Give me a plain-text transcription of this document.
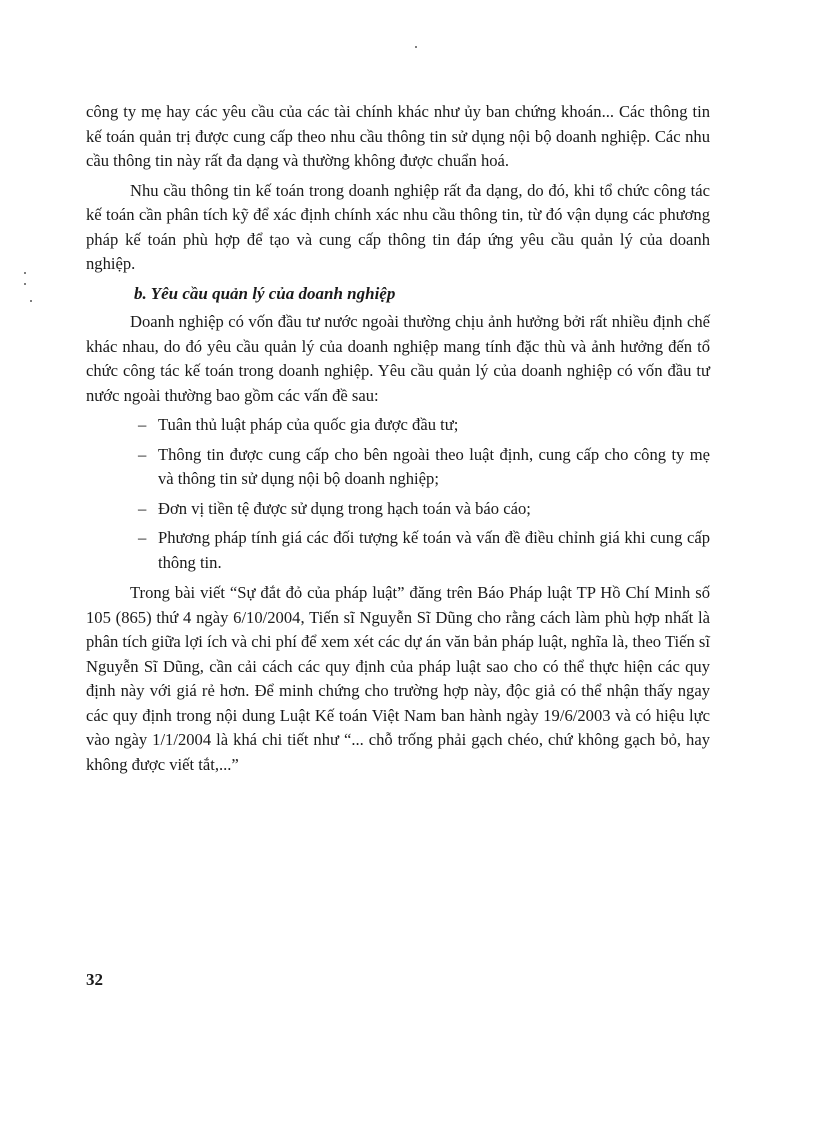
công ty mẹ hay các yêu cầu của các tài chính khác như ủy ban chứng khoán... Các thông tin kế toán quản trị được cung cấp theo nhu cầu thông tin sử dụng nội bộ doanh nghiệp. Các nhu cầu thông tin này rất đa dạng và thường không được chuẩn hoá.

Nhu cầu thông tin kế toán trong doanh nghiệp rất đa dạng, do đó, khi tổ chức công tác kế toán cần phân tích kỹ để xác định chính xác nhu cầu thông tin, từ đó vận dụng các phương pháp kế toán phù hợp để tạo và cung cấp thông tin đáp ứng yêu cầu quản lý của doanh nghiệp.

b. Yêu cầu quản lý của doanh nghiệp

Doanh nghiệp có vốn đầu tư nước ngoài thường chịu ảnh hưởng bởi rất nhiều định chế khác nhau, do đó yêu cầu quản lý của doanh nghiệp mang tính đặc thù và ảnh hưởng đến tổ chức công tác kế toán trong doanh nghiệp. Yêu cầu quản lý của doanh nghiệp có vốn đầu tư nước ngoài thường bao gồm các vấn đề sau:

– Tuân thủ luật pháp của quốc gia được đầu tư;
– Thông tin được cung cấp cho bên ngoài theo luật định, cung cấp cho công ty mẹ và thông tin sử dụng nội bộ doanh nghiệp;
– Đơn vị tiền tệ được sử dụng trong hạch toán và báo cáo;
– Phương pháp tính giá các đối tượng kế toán và vấn đề điều chỉnh giá khi cung cấp thông tin.

Trong bài viết “Sự đắt đỏ của pháp luật” đăng trên Báo Pháp luật TP Hồ Chí Minh số 105 (865) thứ 4 ngày 6/10/2004, Tiến sĩ Nguyễn Sĩ Dũng cho rằng cách làm phù hợp nhất là phân tích giữa lợi ích và chi phí để xem xét các dự án văn bản pháp luật, nghĩa là, theo Tiến sĩ Nguyễn Sĩ Dũng, cần cải cách các quy định của pháp luật sao cho có thể thực hiện các quy định này với giá rẻ hơn. Để minh chứng cho trường hợp này, độc giả có thể nhận thấy ngay các quy định trong nội dung Luật Kế toán Việt Nam ban hành ngày 19/6/2003 và có hiệu lực vào ngày 1/1/2004 là khá chi tiết như “... chỗ trống phải gạch chéo, chứ không gạch bỏ, hay không được viết tắt,...”

32
